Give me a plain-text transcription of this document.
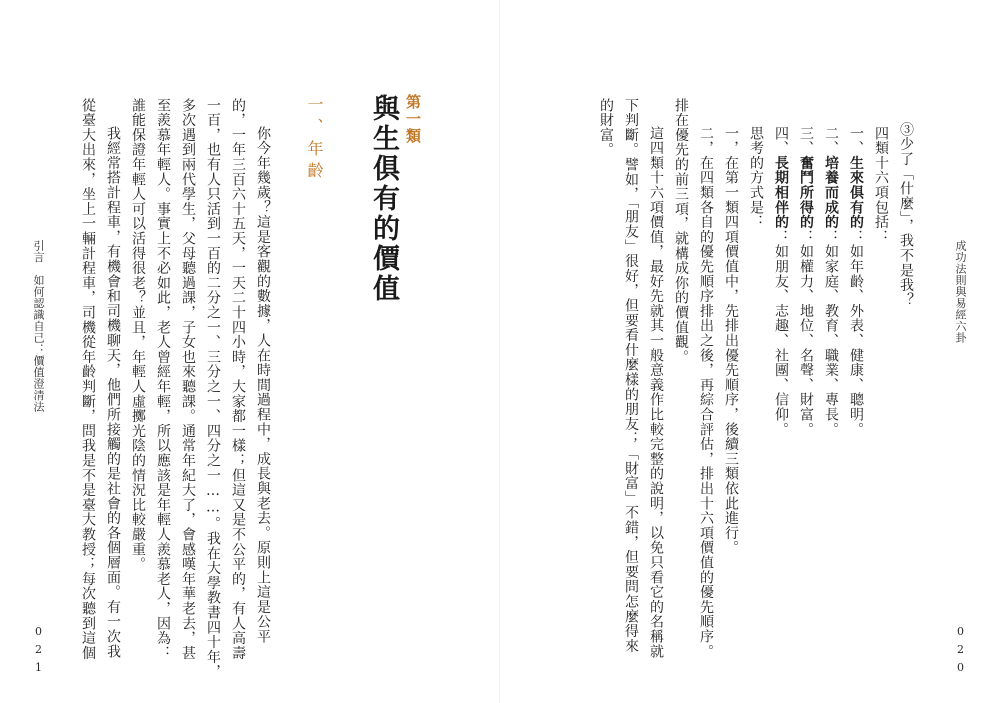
成功法則與易經六卦
020
③少了「什麼」，我不是我？
四類十六項包括：
一、生來俱有的：如年齡、外表、健康、聰明。
二、培養而成的：如家庭、教育、職業、專長。
三、奮鬥所得的：如權力、地位、名聲、財富。
四、長期相伴的：如朋友、志趣、社團、信仰。
思考的方式是：
一，在第一類四項價值中，先排出優先順序，後續三類依此進行。
二，在四類各自的優先順序排出之後，再綜合評估，排出十六項價值的優先順序。
排在優先的前三項，就構成你的價值觀。
這四類十六項價值，最好先就其一般意義作比較完整的說明，以免只看它的名稱就
下判斷。譬如，「朋友」很好，但要看什麼樣的朋友；「財富」不錯，但要問怎麼得來
的財富。
第一類
與生俱有的價值
一、年齡
你今年幾歲？這是客觀的數據，人在時間過程中，成長與老去。原則上這是公平
的，一年三百六十五天，一天二十四小時，大家都一樣；但這又是不公平的，有人高壽
一百，也有人只活到一百的二分之一、三分之一、四分之一……。我在大學教書四十年，
多次遇到兩代學生，父母聽過課，子女也來聽課。通常年紀大了，會感嘆年華老去，甚
至羨慕年輕人。事實上不必如此，老人曾經年輕，所以應該是年輕人羨慕老人，因為：
誰能保證年輕人可以活得很老？並且，年輕人虛擲光陰的情況比較嚴重。
我經常搭計程車，有機會和司機聊天，他們所接觸的是社會的各個層面。有一次我
從臺大出來，坐上一輛計程車，司機從年齡判斷，問我是不是臺大教授；每次聽到這個
引言　如何認識自己：價值澄清法
021
